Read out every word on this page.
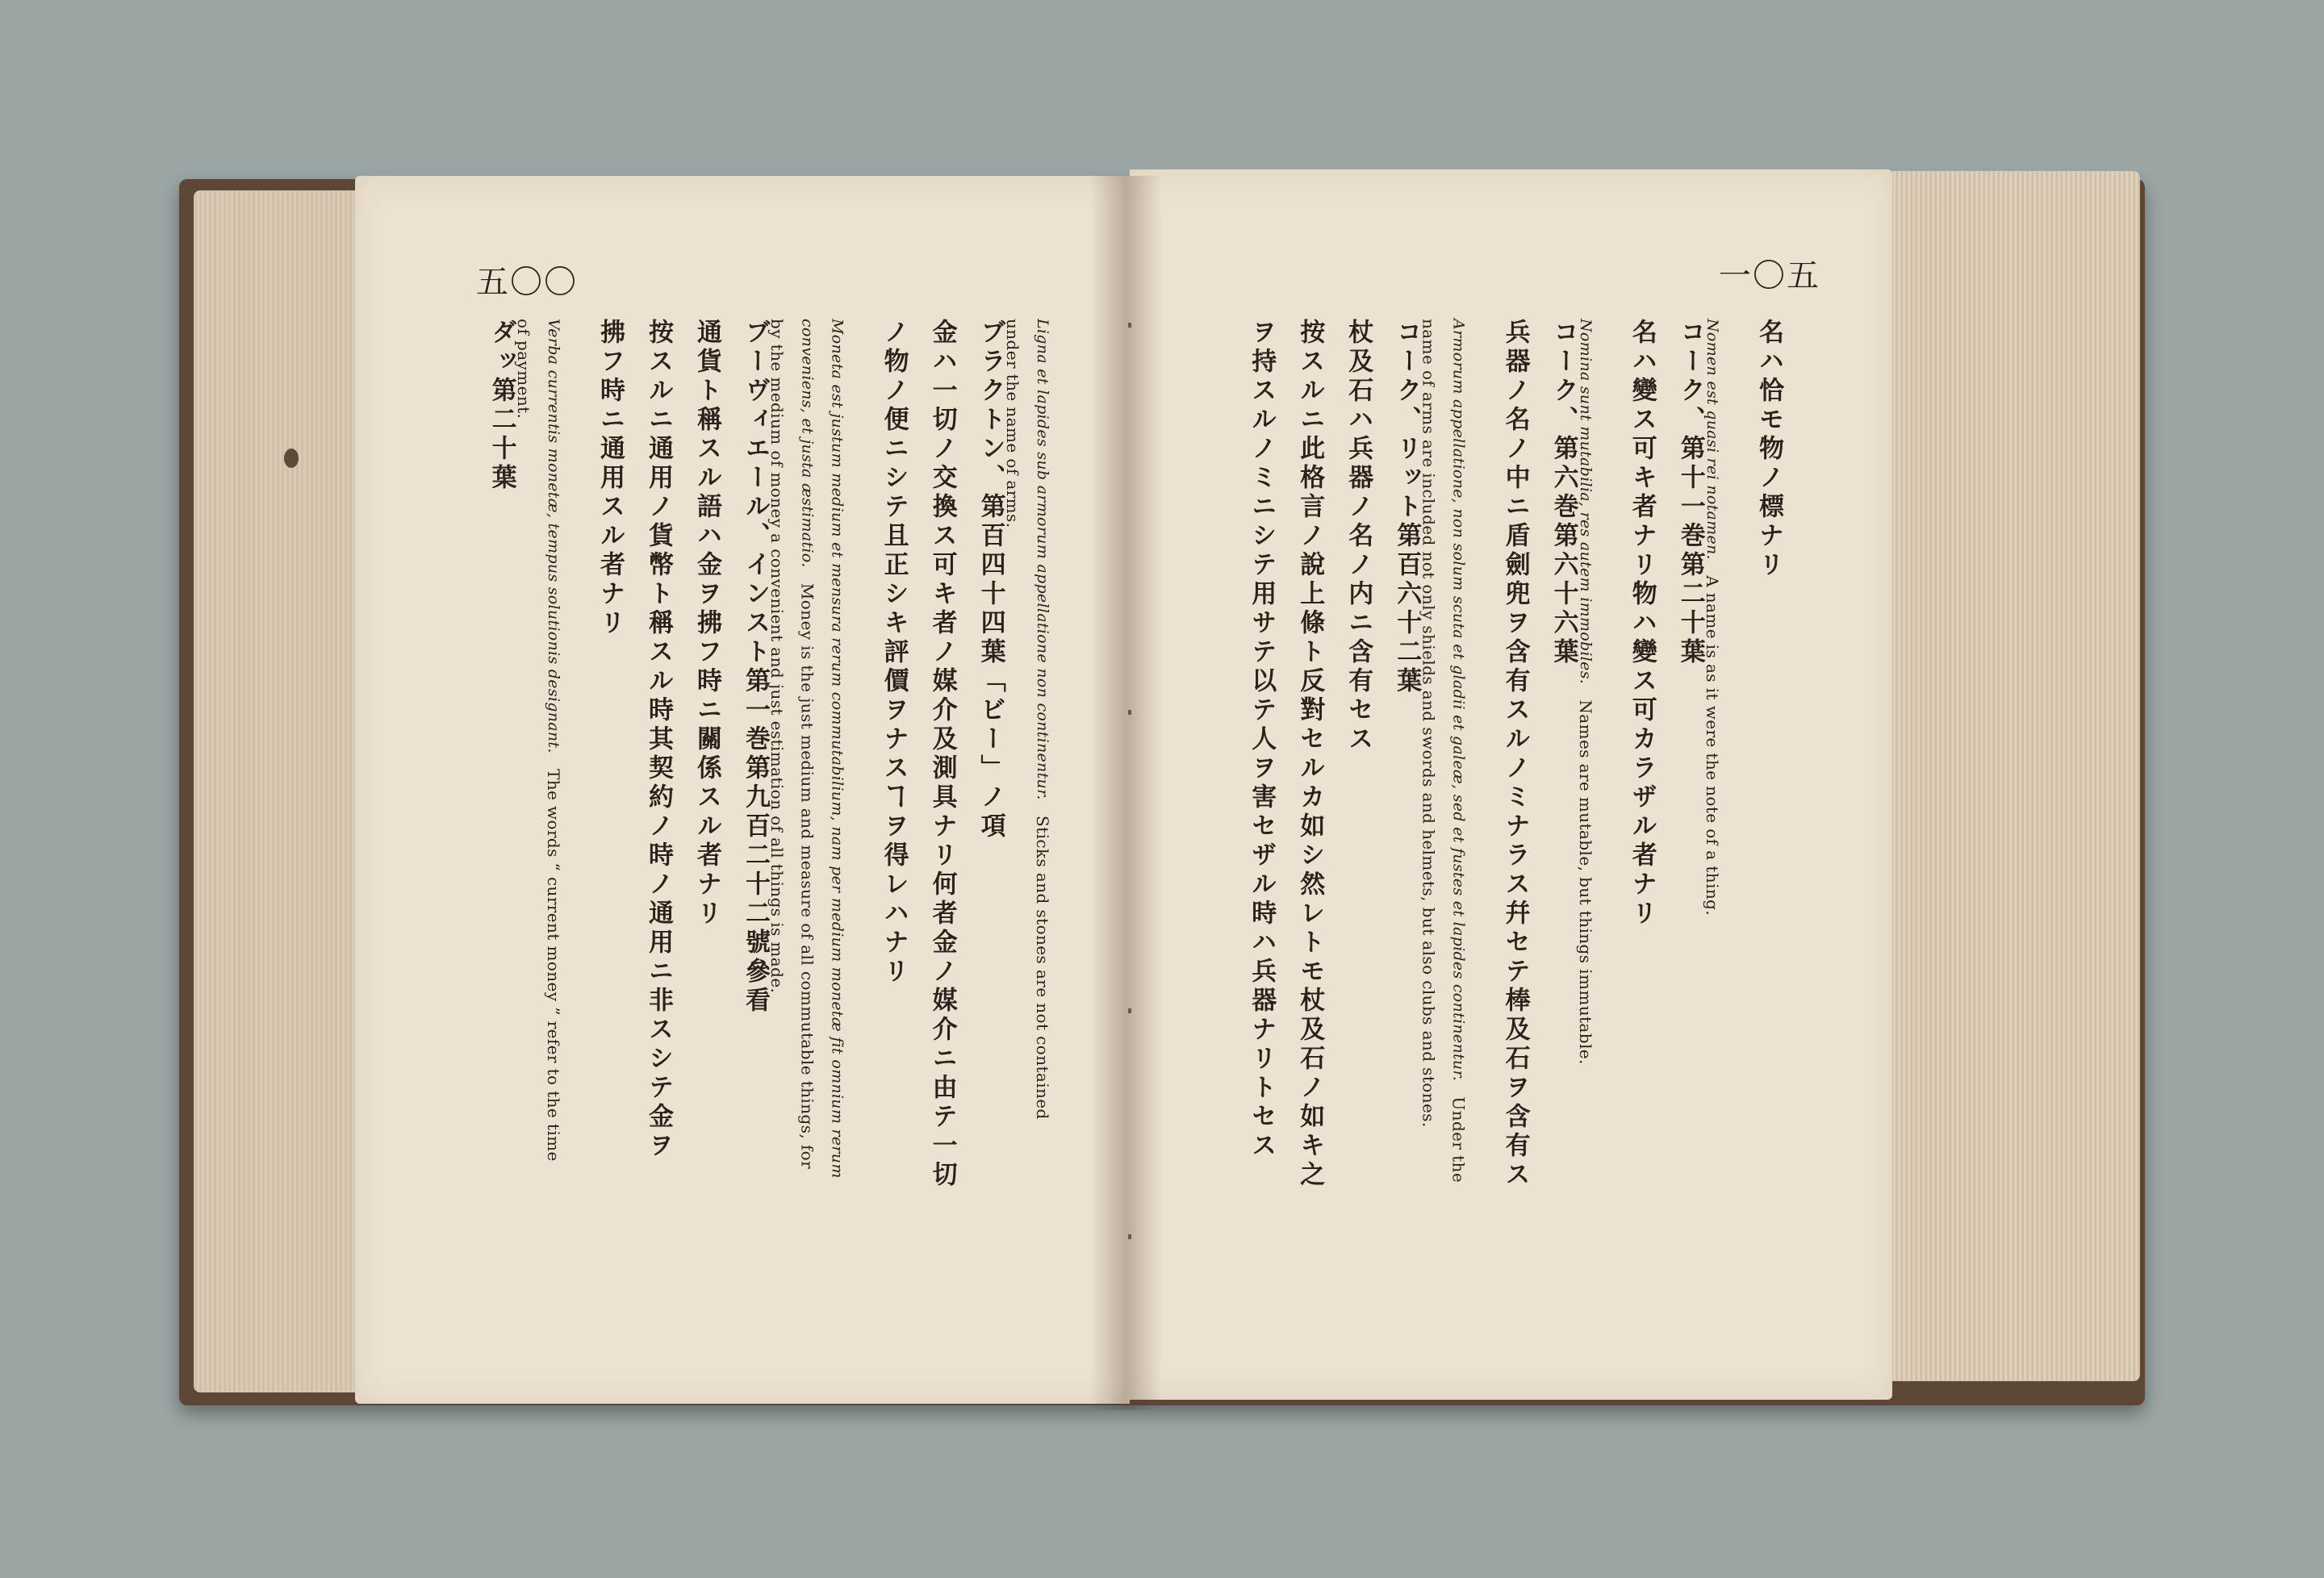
五〇〇	一〇五
名ハ恰モ物ノ標ナリ
Nomen est quasi rei notamen. A name is as it were the note of a thing.
コーク、第十一巻第二十葉
名ハ變ス可キ者ナリ物ハ變ス可カラザル者ナリ
Nomina sunt mutabilia, res autem immobiles. Names are mutable, but things immutable.
コーク、第六巻第六十六葉
兵器ノ名ノ中ニ盾劍兜ヲ含有スルノミナラス幷セテ棒及石ヲ含有ス
Armorum appellatione, non solum scuta et gladii et galeæ, sed et fustes et lapides continentur. Under the
name of arms are included not only shields and swords and helmets, but also clubs and stones.
コーク、リット第百六十二葉
杖及石ハ兵器ノ名ノ内ニ含有セス
按スルニ此格言ノ說上條ト反對セルカ如シ然レトモ杖及石ノ如キ之
ヲ持スルノミニシテ用サテ以テ人ヲ害セザル時ハ兵器ナリトセス
Ligna et lapides sub armorum appellatione non continentur. Sticks and stones are not contained
under the name of arms.
ブラクトン、第百四十四葉「ビー」ノ項
金ハ一切ノ交換ス可キ者ノ媒介及測具ナリ何者金ノ媒介ニ由テ一切
ノ物ノ便ニシテ且正シキ評價ヲナスヿヲ得レハナリ
Moneta est justum medium et mensura rerum commutabilium, nam per medium monetæ fit omnium rerum 
conveniens, et justa æstimatio. Money is the just medium and measure of all commutable things, for
by the medium of money a convenient and just estimation of all things is made.
ブーヴィエール、インスト第一巻第九百二十二號參看
通貨ト稱スル語ハ金ヲ拂フ時ニ關係スル者ナリ
按スルニ通用ノ貨幣ト稱スル時其契約ノ時ノ通用ニ非スシテ金ヲ
拂フ時ニ通用スル者ナリ
Verba currentis monetæ, tempus solutionis designant. The words “ current money ” refer to the time
of payment.
ダッ第二十葉
